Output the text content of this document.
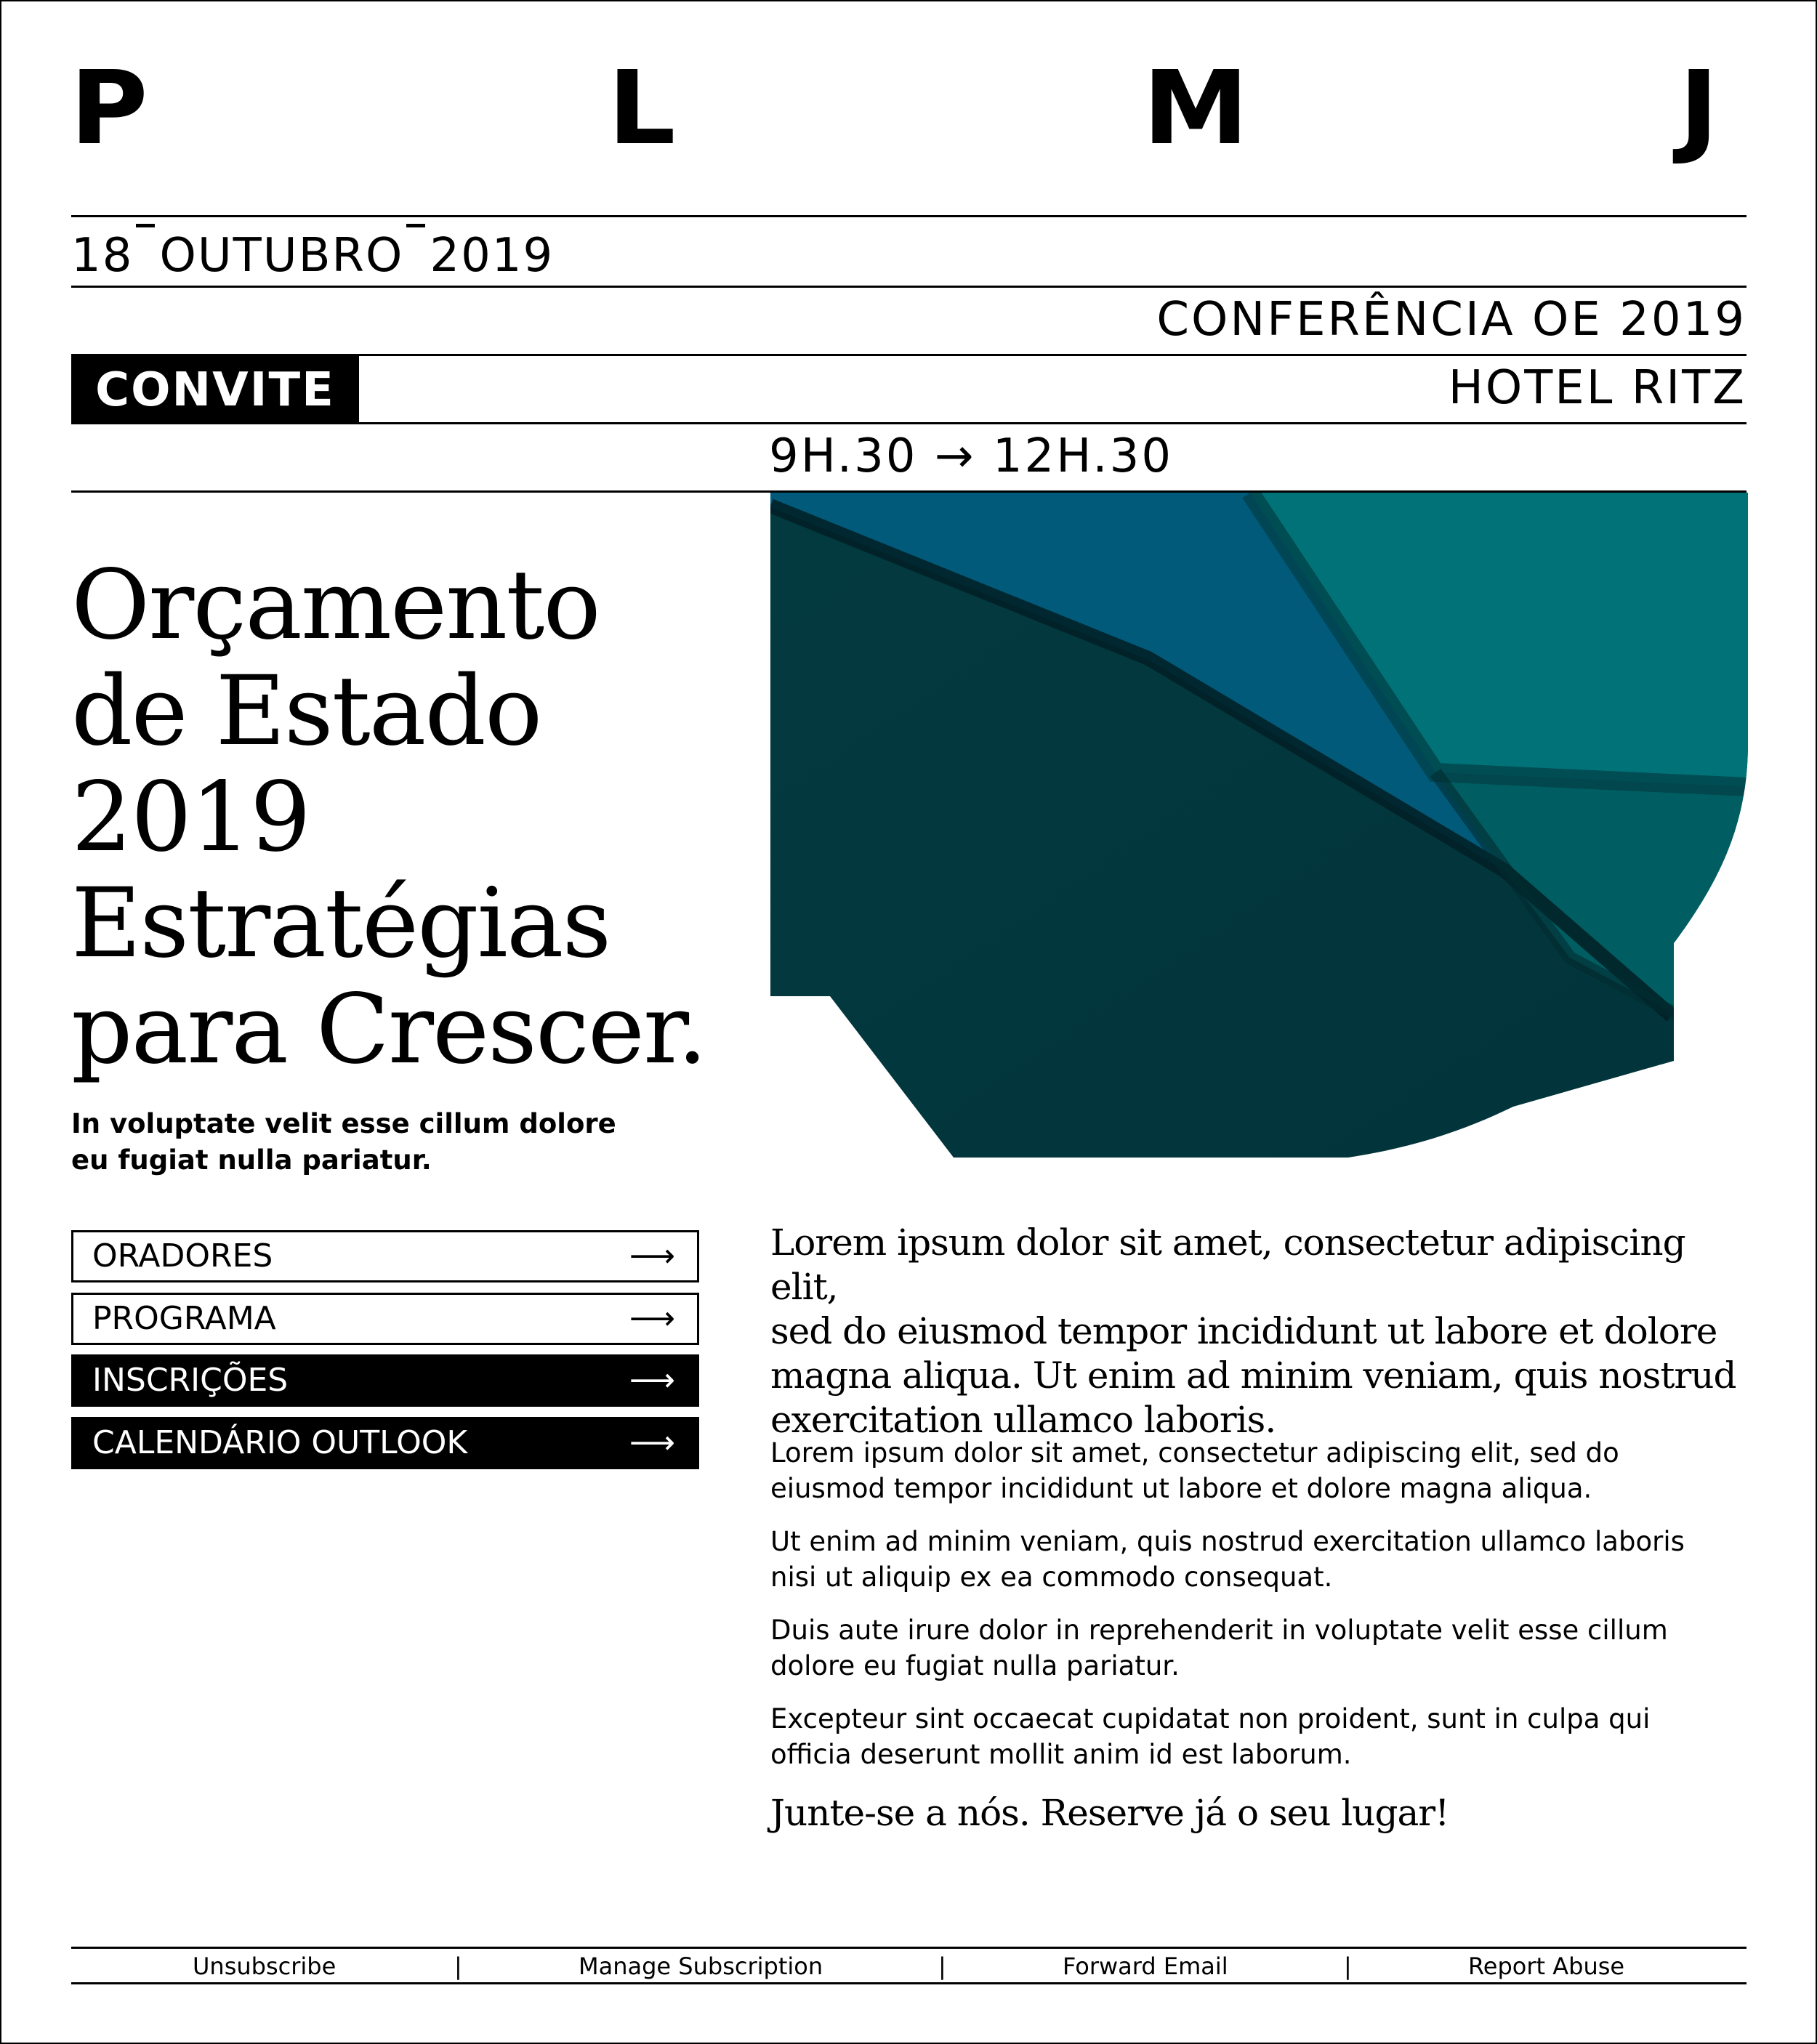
P	L	M	J
18 OUTUBRO 2019
CONFERÊNCIA OE 2019
CONVITE	HOTEL RITZ
9H.30 → 12H.30
Orçamento
de Estado
2019
Estratégias
para Crescer.
In voluptate velit esse cillum dolore
eu fugiat nulla pariatur.
ORADORES	⟶
PROGRAMA	⟶
INSCRIÇÕES	⟶
CALENDÁRIO OUTLOOK	⟶
Lorem ipsum dolor sit amet, consectetur adipiscing elit,
sed do eiusmod tempor incididunt ut labore et dolore
magna aliqua. Ut enim ad minim veniam, quis nostrud
exercitation ullamco laboris.
Lorem ipsum dolor sit amet, consectetur adipiscing elit, sed do
eiusmod tempor incididunt ut labore et dolore magna aliqua.
Ut enim ad minim veniam, quis nostrud exercitation ullamco laboris
nisi ut aliquip ex ea commodo consequat.
Duis aute irure dolor in reprehenderit in voluptate velit esse cillum
dolore eu fugiat nulla pariatur.
Excepteur sint occaecat cupidatat non proident, sunt in culpa qui
officia deserunt mollit anim id est laborum.
Junte-se a nós. Reserve já o seu lugar!
Unsubscribe	|	Manage Subscription	|	Forward Email	|	Report Abuse
